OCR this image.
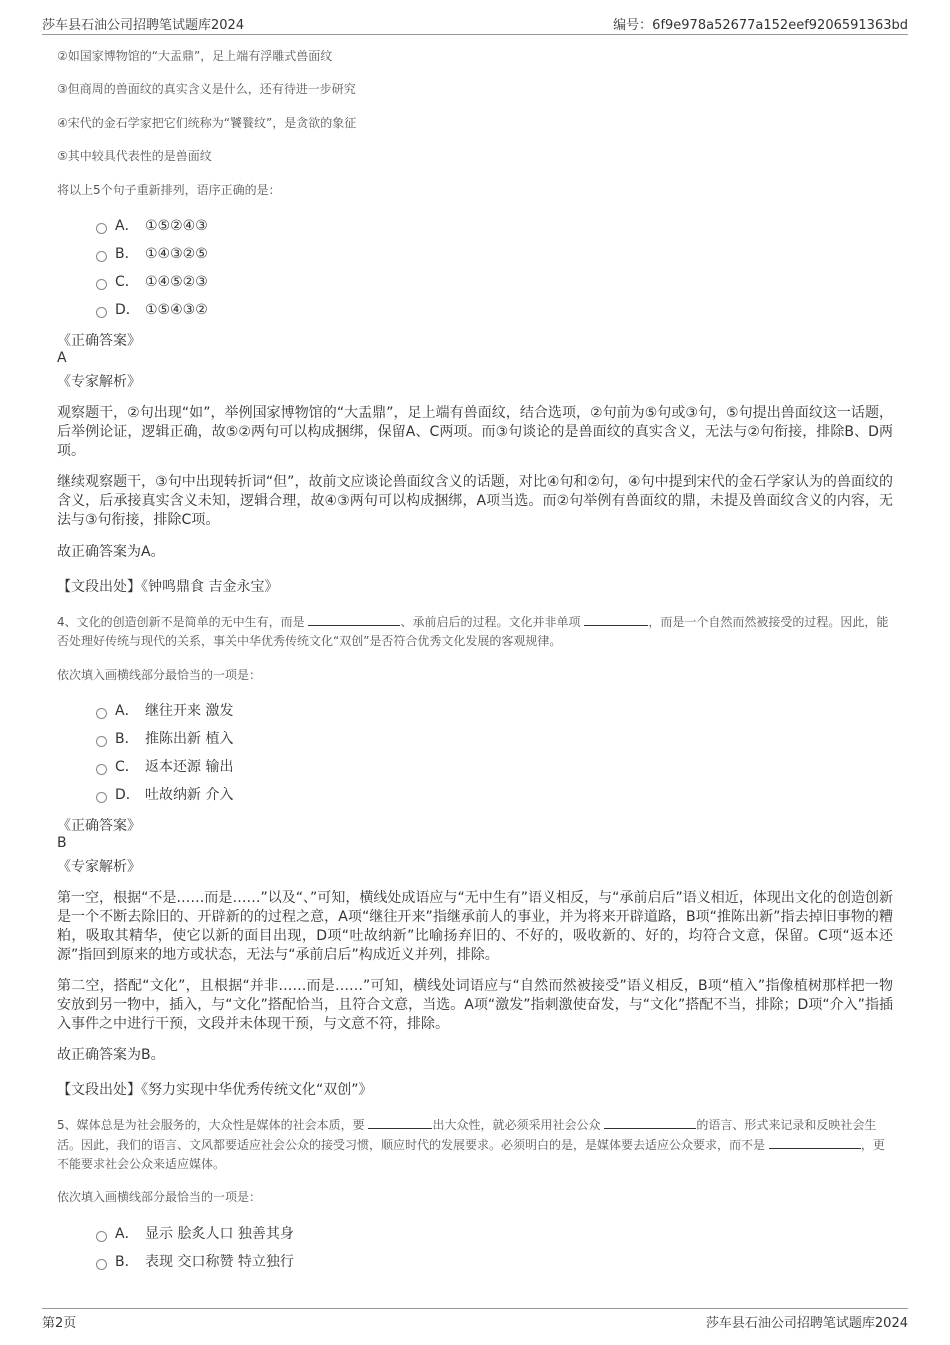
莎车县石油公司招聘笔试题库2024	编号：6f9e978a52677a152eef9206591363bd
②如国家博物馆的“大盂鼎”，足上端有浮雕式兽面纹
③但商周的兽面纹的真实含义是什么，还有待进一步研究
④宋代的金石学家把它们统称为“饕餮纹”，是贪欲的象征
⑤其中较具代表性的是兽面纹
将以上5个句子重新排列，语序正确的是：
A． ①⑤②④③
B． ①④③②⑤
C． ①④⑤②③
D． ①⑤④③②
《正确答案》
A
《专家解析》
观察题干，②句出现“如”，举例国家博物馆的“大盂鼎”，足上端有兽面纹，结合选项，②句前为⑤句或③句，⑤句提出兽面纹这一话题，后举例论证，逻辑正确，故⑤②两句可以构成捆绑，保留A、C两项。而③句谈论的是兽面纹的真实含义，无法与②句衔接，排除B、D两项。
继续观察题干，③句中出现转折词“但”，故前文应谈论兽面纹含义的话题，对比④句和②句，④句中提到宋代的金石学家认为的兽面纹的含义，后承接真实含义未知，逻辑合理，故④③两句可以构成捆绑，A项当选。而②句举例有兽面纹的鼎，未提及兽面纹含义的内容，无法与③句衔接，排除C项。
故正确答案为A。
【文段出处】《钟鸣鼎食 吉金永宝》
4、文化的创造创新不是简单的无中生有，而是	、承前启后的过程。文化并非单项	，而是一个自然而然被接受的过程。因此，能否处理好传统与现代的关系，事关中华优秀传统文化“双创”是否符合优秀文化发展的客观规律。
依次填入画横线部分最恰当的一项是：
A． 继往开来 激发
B． 推陈出新 植入
C． 返本还源 输出
D． 吐故纳新 介入
《正确答案》
B
《专家解析》
第一空，根据“不是……而是……”以及“、”可知，横线处成语应与“无中生有”语义相反，与“承前启后”语义相近，体现出文化的创造创新是一个不断去除旧的、开辟新的的过程之意，A项“继往开来”指继承前人的事业，并为将来开辟道路，B项“推陈出新”指去掉旧事物的糟粕，吸取其精华，使它以新的面目出现，D项“吐故纳新”比喻扬弃旧的、不好的，吸收新的、好的，均符合文意，保留。C项“返本还源”指回到原来的地方或状态，无法与“承前启后”构成近义并列，排除。
第二空，搭配“文化”，且根据“并非……而是……”可知，横线处词语应与“自然而然被接受”语义相反，B项“植入”指像植树那样把一物安放到另一物中，插入，与“文化”搭配恰当，且符合文意，当选。A项“激发”指刺激使奋发，与“文化”搭配不当，排除；D项“介入”指插入事件之中进行干预，文段并未体现干预，与文意不符，排除。
故正确答案为B。
【文段出处】《努力实现中华优秀传统文化“双创”》
5、媒体总是为社会服务的，大众性是媒体的社会本质，要	出大众性，就必须采用社会公众	的语言、形式来记录和反映社会生活。因此，我们的语言、文风都要适应社会公众的接受习惯，顺应时代的发展要求。必须明白的是，是媒体要去适应公众要求，而不是	，更不能要求社会公众来适应媒体。
依次填入画横线部分最恰当的一项是：
A． 显示 脍炙人口 独善其身
B． 表现 交口称赞 特立独行
第2页	莎车县石油公司招聘笔试题库2024
